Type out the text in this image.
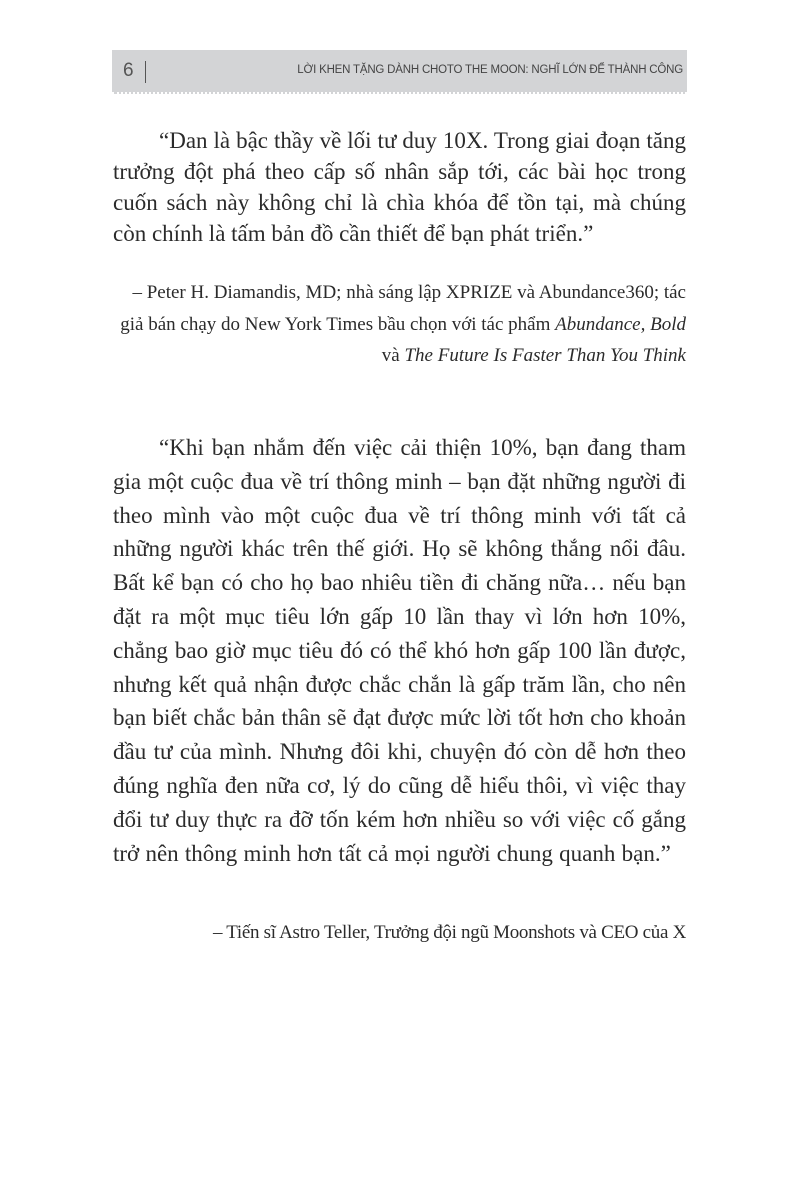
6	LỜI KHEN TẶNG DÀNH CHOTO THE MOON: NGHĨ LỚN ĐỂ THÀNH CÔNG

“Dan là bậc thầy về lối tư duy 10X. Trong giai đoạn tăng trưởng đột phá theo cấp số nhân sắp tới, các bài học trong cuốn sách này không chỉ là chìa khóa để tồn tại, mà chúng còn chính là tấm bản đồ cần thiết để bạn phát triển.”

– Peter H. Diamandis, MD; nhà sáng lập XPRIZE và Abundance360; tác giả bán chạy do New York Times bầu chọn với tác phẩm Abundance, Bold và The Future Is Faster Than You Think

“Khi bạn nhắm đến việc cải thiện 10%, bạn đang tham gia một cuộc đua về trí thông minh – bạn đặt những người đi theo mình vào một cuộc đua về trí thông minh với tất cả những người khác trên thế giới. Họ sẽ không thắng nổi đâu. Bất kể bạn có cho họ bao nhiêu tiền đi chăng nữa… nếu bạn đặt ra một mục tiêu lớn gấp 10 lần thay vì lớn hơn 10%, chẳng bao giờ mục tiêu đó có thể khó hơn gấp 100 lần được, nhưng kết quả nhận được chắc chắn là gấp trăm lần, cho nên bạn biết chắc bản thân sẽ đạt được mức lời tốt hơn cho khoản đầu tư của mình. Nhưng đôi khi, chuyện đó còn dễ hơn theo đúng nghĩa đen nữa cơ, lý do cũng dễ hiểu thôi, vì việc thay đổi tư duy thực ra đỡ tốn kém hơn nhiều so với việc cố gắng trở nên thông minh hơn tất cả mọi người chung quanh bạn.”

– Tiến sĩ Astro Teller, Trưởng đội ngũ Moonshots và CEO của X
